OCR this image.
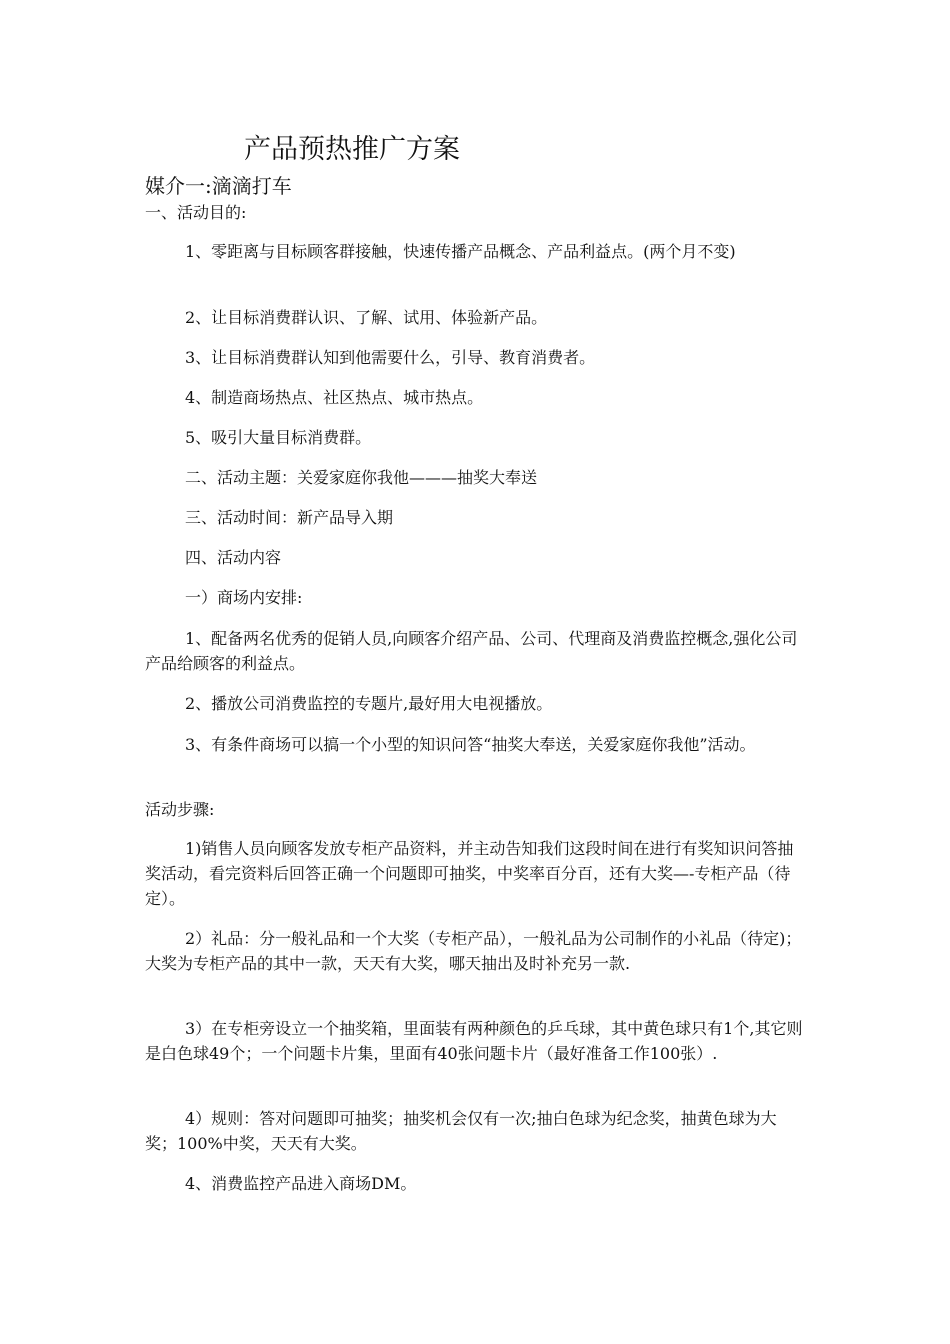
产品预热推广方案
媒介一:滴滴打车

一、活动目的:

1、零距离与目标顾客群接触，快速传播产品概念、产品利益点。(两个月不变)

2、让目标消费群认识、了解、试用、体验新产品。

3、让目标消费群认知到他需要什么，引导、教育消费者。

4、制造商场热点、社区热点、城市热点。

5、吸引大量目标消费群。

二、活动主题：关爱家庭你我他———抽奖大奉送

三、活动时间：新产品导入期

四、活动内容

一）商场内安排:

1、配备两名优秀的促销人员,向顾客介绍产品、公司、代理商及消费监控概念,强化公司产品给顾客的利益点。

2、播放公司消费监控的专题片,最好用大电视播放。

3、有条件商场可以搞一个小型的知识问答“抽奖大奉送，关爱家庭你我他”活动。

活动步骤:

1)销售人员向顾客发放专柜产品资料，并主动告知我们这段时间在进行有奖知识问答抽奖活动，看完资料后回答正确一个问题即可抽奖，中奖率百分百，还有大奖—-专柜产品（待定）。

2）礼品：分一般礼品和一个大奖（专柜产品），一般礼品为公司制作的小礼品（待定)；大奖为专柜产品的其中一款，天天有大奖，哪天抽出及时补充另一款.

3）在专柜旁设立一个抽奖箱，里面装有两种颜色的乒乓球，其中黄色球只有1个,其它则是白色球49个；一个问题卡片集，里面有40张问题卡片（最好准备工作100张）.

4）规则：答对问题即可抽奖；抽奖机会仅有一次;抽白色球为纪念奖，抽黄色球为大奖；100%中奖，天天有大奖。

4、消费监控产品进入商场DM。
